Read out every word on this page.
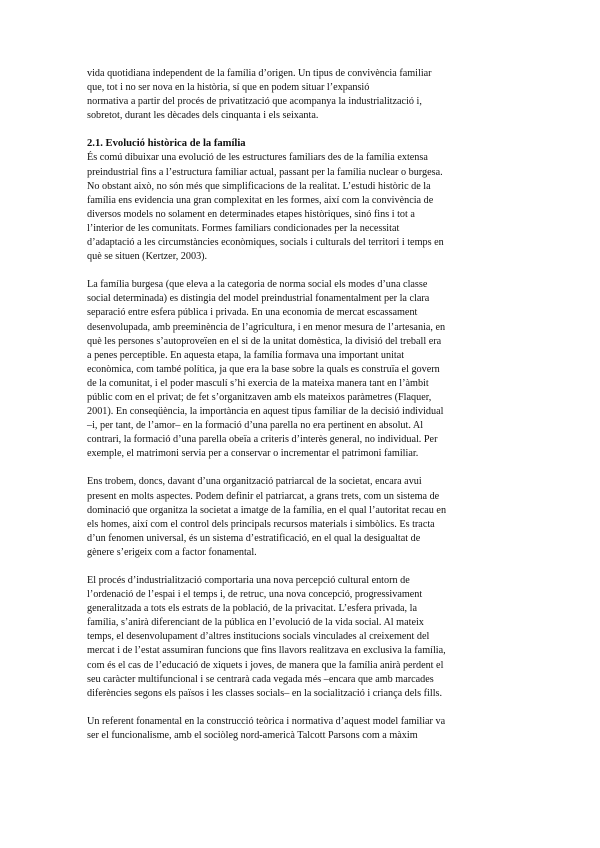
vida quotidiana independent de la família d’origen. Un tipus de convivència familiar
que, tot i no ser nova en la història, sí que en podem situar l’expansió
normativa a partir del procés de privatització que acompanya la industrialització i,
sobretot, durant les dècades dels cinquanta i els seixanta.

2.1. Evolució històrica de la família

És comú dibuixar una evolució de les estructures familiars des de la família extensa
preindustrial fins a l’estructura familiar actual, passant per la família nuclear o burgesa.
No obstant això, no són més que simplificacions de la realitat. L’estudi històric de la
família ens evidencia una gran complexitat en les formes, així com la convivència de
diversos models no solament en determinades etapes històriques, sinó fins i tot a
l’interior de les comunitats. Formes familiars condicionades per la necessitat
d’adaptació a les circumstàncies econòmiques, socials i culturals del territori i temps en
què se situen (Kertzer, 2003).

La família burgesa (que eleva a la categoria de norma social els modes d’una classe
social determinada) es distingia del model preindustrial fonamentalment per la clara
separació entre esfera pública i privada. En una economia de mercat escassament
desenvolupada, amb preeminència de l’agricultura, i en menor mesura de l’artesania, en
què les persones s’autoproveïen en el si de la unitat domèstica, la divisió del treball era
a penes perceptible. En aquesta etapa, la família formava una important unitat
econòmica, com també política, ja que era la base sobre la quals es construïa el govern
de la comunitat, i el poder masculí s’hi exercia de la mateixa manera tant en l’àmbit
públic com en el privat; de fet s’organitzaven amb els mateixos paràmetres (Flaquer,
2001). En conseqüència, la importància en aquest tipus familiar de la decisió individual
–i, per tant, de l’amor– en la formació d’una parella no era pertinent en absolut. Al
contrari, la formació d’una parella obeïa a criteris d’interès general, no individual. Per
exemple, el matrimoni servia per a conservar o incrementar el patrimoni familiar.

Ens trobem, doncs, davant d’una organització patriarcal de la societat, encara avui
present en molts aspectes. Podem definir el patriarcat, a grans trets, com un sistema de
dominació que organitza la societat a imatge de la família, en el qual l’autoritat recau en
els homes, així com el control dels principals recursos materials i simbòlics. Es tracta
d’un fenomen universal, és un sistema d’estratificació, en el qual la desigualtat de
gènere s’erigeix com a factor fonamental.

El procés d’industrialització comportaria una nova percepció cultural entorn de
l’ordenació de l’espai i el temps i, de retruc, una nova concepció, progressivament
generalitzada a tots els estrats de la població, de la privacitat. L’esfera privada, la
família, s’anirà diferenciant de la pública en l’evolució de la vida social. Al mateix
temps, el desenvolupament d’altres institucions socials vinculades al creixement del
mercat i de l’estat assumiran funcions que fins llavors realitzava en exclusiva la família,
com és el cas de l’educació de xiquets i joves, de manera que la família anirà perdent el
seu caràcter multifuncional i se centrarà cada vegada més –encara que amb marcades
diferències segons els països i les classes socials– en la socialització i criança dels fills.

Un referent fonamental en la construcció teòrica i normativa d’aquest model familiar va
ser el funcionalisme, amb el sociòleg nord-americà Talcott Parsons com a màxim
